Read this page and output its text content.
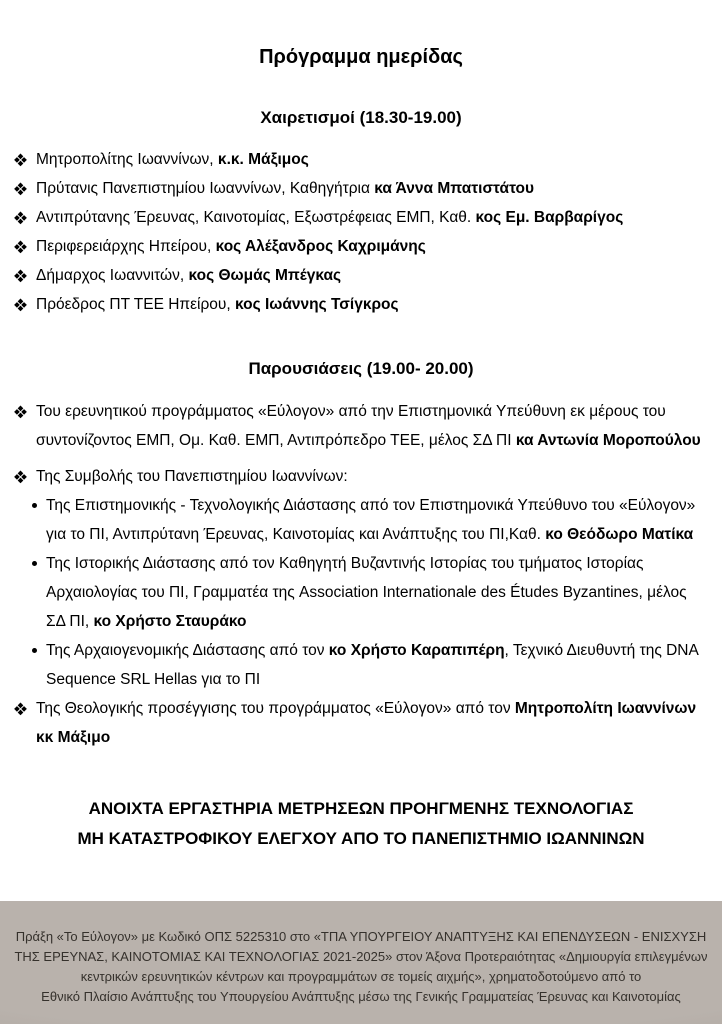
Πρόγραμμα ημερίδας
Χαιρετισμοί (18.30-19.00)
Μητροπολίτης Ιωαννίνων, κ.κ. Μάξιμος
Πρύτανις Πανεπιστημίου Ιωαννίνων, Καθηγήτρια κα Άννα Μπατιστάτου
Αντιπρύτανης Έρευνας, Καινοτομίας, Εξωστρέφειας ΕΜΠ, Καθ. κος Εμ. Βαρβαρίγος
Περιφερειάρχης Ηπείρου, κος Αλέξανδρος Καχριμάνης
Δήμαρχος Ιωαννιτών, κος Θωμάς Μπέγκας
Πρόεδρος ΠΤ ΤΕΕ Ηπείρου, κος Ιωάννης Τσίγκρος
Παρουσιάσεις (19.00- 20.00)
Του ερευνητικού προγράμματος «Εύλογον» από την Επιστημονικά Υπεύθυνη εκ μέρους του συντονίζοντος ΕΜΠ, Ομ. Καθ. ΕΜΠ, Αντιπρόπεδρο ΤΕΕ, μέλος ΣΔ ΠΙ κα Αντωνία Μοροπούλου
Της Συμβολής του Πανεπιστημίου Ιωαννίνων:
Της Επιστημονικής - Τεχνολογικής Διάστασης από τον Επιστημονικά Υπεύθυνο του «Εύλογον» για το ΠΙ, Αντιπρύτανη Έρευνας, Καινοτομίας και Ανάπτυξης του ΠΙ,Καθ. κο Θεόδωρο Ματίκα
Της Ιστορικής Διάστασης από τον Καθηγητή Βυζαντινής Ιστορίας του τμήματος Ιστορίας Αρχαιολογίας του ΠΙ, Γραμματέα της Association Internationale des Études Byzantines, μέλος ΣΔ ΠΙ, κο Χρήστο Σταυράκο
Της Αρχαιογενομικής Διάστασης από τον κο Χρήστο Καραπιπέρη, Τεχνικό Διευθυντή της DNA Sequence SRL Hellas για το ΠΙ
Της Θεολογικής προσέγγισης του προγράμματος «Εύλογον» από τον Μητροπολίτη Ιωαννίνων κκ Μάξιμο
ΑΝΟΙΧΤΑ ΕΡΓΑΣΤΗΡΙΑ ΜΕΤΡΗΣΕΩΝ ΠΡΟΗΓΜΕΝΗΣ ΤΕΧΝΟΛΟΓΙΑΣ
ΜΗ ΚΑΤΑΣΤΡΟΦΙΚΟΥ ΕΛΕΓΧΟΥ ΑΠΟ ΤΟ ΠΑΝΕΠΙΣΤΗΜΙΟ ΙΩΑΝΝΙΝΩΝ
Πράξη «Το Εύλογον» με Κωδικό ΟΠΣ 5225310 στο «ΤΠΑ ΥΠΟΥΡΓΕΙΟΥ ΑΝΑΠΤΥΞΗΣ ΚΑΙ ΕΠΕΝΔΥΣΕΩΝ - ΕΝΙΣΧΥΣΗ
ΤΗΣ ΕΡΕΥΝΑΣ, ΚΑΙΝΟΤΟΜΙΑΣ ΚΑΙ ΤΕΧΝΟΛΟΓΙΑΣ 2021-2025» στον Άξονα Προτεραιότητας «Δημιουργία επιλεγμένων
κεντρικών ερευνητικών κέντρων και προγραμμάτων σε τομείς αιχμής», χρηματοδοτούμενο από το
Εθνικό Πλαίσιο Ανάπτυξης του Υπουργείου Ανάπτυξης μέσω της Γενικής Γραμματείας Έρευνας και Καινοτομίας
